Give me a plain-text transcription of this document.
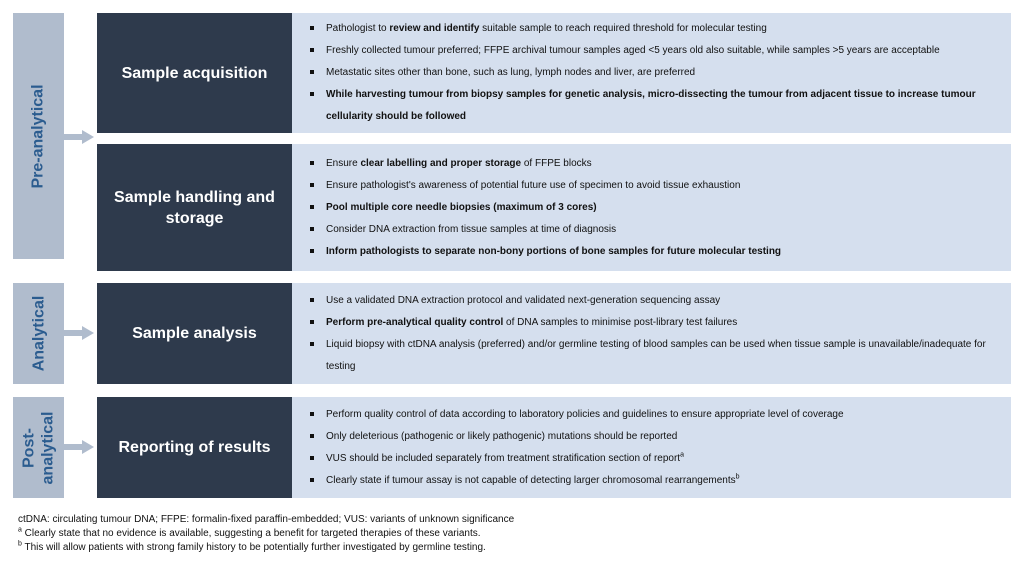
Pre-analytical
Analytical
Post-
analytical
Sample acquisition
Pathologist to review and identify suitable sample to reach required threshold for molecular testing
Freshly collected tumour preferred; FFPE archival tumour samples aged <5 years old also suitable, while samples >5 years are acceptable
Metastatic sites other than bone, such as lung, lymph nodes and liver, are preferred
While harvesting tumour from biopsy samples for genetic analysis, micro-dissecting the tumour from adjacent tissue to increase tumour cellularity should be followed
Sample handling and storage
Ensure clear labelling and proper storage of FFPE blocks
Ensure pathologist's awareness of potential future use of specimen to avoid tissue exhaustion
Pool multiple core needle biopsies (maximum of 3 cores)
Consider DNA extraction from tissue samples at time of diagnosis
Inform pathologists to separate non-bony portions of bone samples for future molecular testing
Sample analysis
Use a validated DNA extraction protocol and validated next-generation sequencing assay
Perform pre-analytical quality control of DNA samples to minimise post-library test failures
Liquid biopsy with ctDNA analysis (preferred) and/or germline testing of blood samples can be used when tissue sample is unavailable/inadequate for testing
Reporting of results
Perform quality control of data according to laboratory policies and guidelines to ensure appropriate level of coverage
Only deleterious (pathogenic or likely pathogenic) mutations should be reported
VUS should be included separately from treatment stratification section of report$^a$
Clearly state if tumour assay is not capable of detecting larger chromosomal rearrangements$^b$
ctDNA: circulating tumour DNA; FFPE: formalin-fixed paraffin-embedded; VUS: variants of unknown significance
$^a$ Clearly state that no evidence is available, suggesting a benefit for targeted therapies of these variants.
$^b$ This will allow patients with strong family history to be potentially further investigated by germline testing.
